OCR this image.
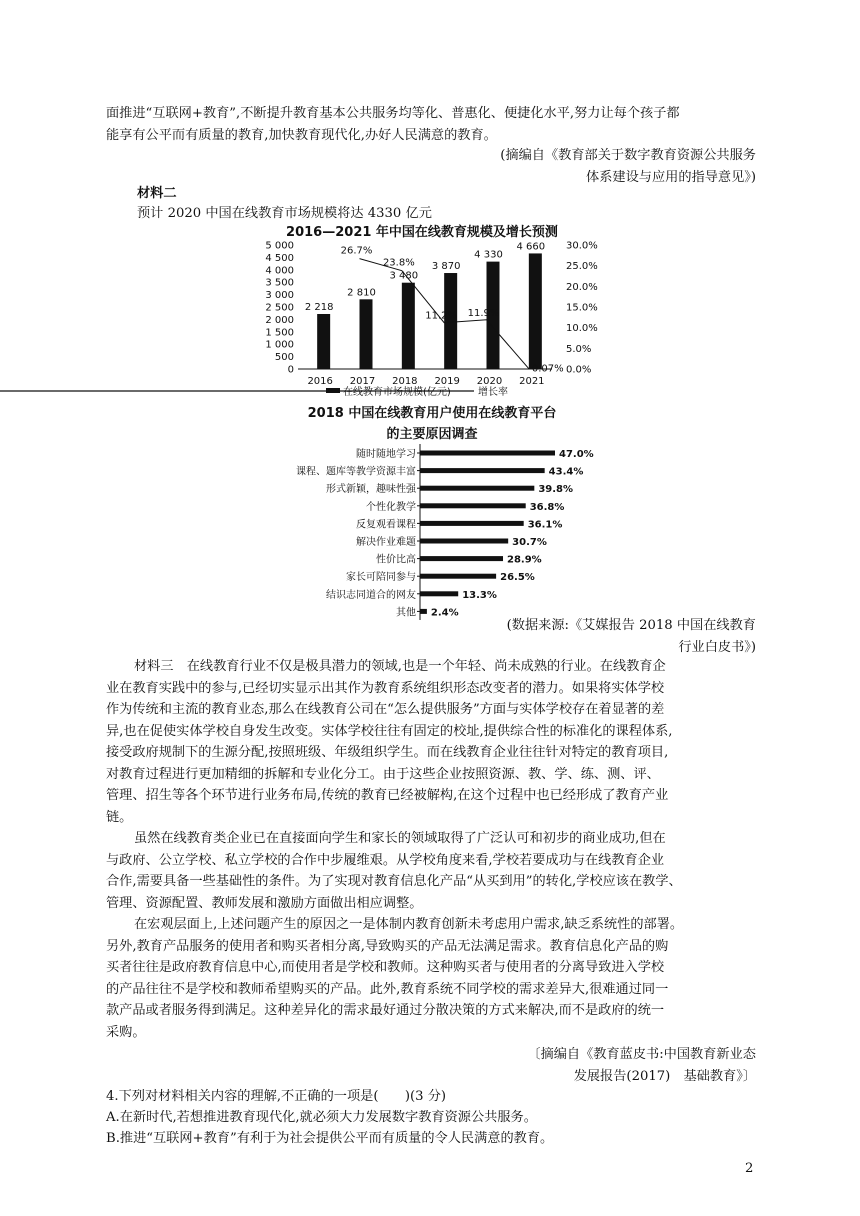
面推进“互联网+教育”,不断提升教育基本公共服务均等化、普惠化、便捷化水平,努力让每个孩子都
能享有公平而有质量的教育,加快教育现代化,办好人民满意的教育。
(摘编自《教育部关于数字教育资源公共服务
体系建设与应用的指导意见》)
材料二
预计 2020 中国在线教育市场规模将达 4330 亿元
2016—2021 年中国在线教育规模及增长预测
0
500
1 000
1 500
2 000
2 500
3 000
3 500
4 000
4 500
5 000
0.0%
5.0%
10.0%
15.0%
20.0%
25.0%
30.0%
2 218
2 810
3 480
3 870
4 330
4 660
26.7%
23.8%
11.2% 11.9%
0.07%
2016 2017 2018 2019 2020 2021
在线教育市场规模(亿元)	增长率
2018 中国在线教育用户使用在线教育平台
的主要原因调查
随时随地学习	47.0%
课程、题库等教学资源丰富	43.4%
形式新颖，趣味性强	39.8%
个性化教学	36.8%
反复观看课程	36.1%
解决作业难题	30.7%
性价比高	28.9%
家长可陪同参与	26.5%
结识志同道合的网友	13.3%
其他 2.4%
(数据来源:《艾媒报告 2018 中国在线教育
行业白皮书》)
材料三　在线教育行业不仅是极具潜力的领域,也是一个年轻、尚未成熟的行业。在线教育企
业在教育实践中的参与,已经切实显示出其作为教育系统组织形态改变者的潜力。如果将实体学校
作为传统和主流的教育业态,那么在线教育公司在“怎么提供服务”方面与实体学校存在着显著的差
异,也在促使实体学校自身发生改变。实体学校往往有固定的校址,提供综合性的标准化的课程体系,
接受政府规制下的生源分配,按照班级、年级组织学生。而在线教育企业往往针对特定的教育项目,
对教育过程进行更加精细的拆解和专业化分工。由于这些企业按照资源、教、学、练、测、评、
管理、招生等各个环节进行业务布局,传统的教育已经被解构,在这个过程中也已经形成了教育产业
链。
虽然在线教育类企业已在直接面向学生和家长的领域取得了广泛认可和初步的商业成功,但在
与政府、公立学校、私立学校的合作中步履维艰。从学校角度来看,学校若要成功与在线教育企业
合作,需要具备一些基础性的条件。为了实现对教育信息化产品“从买到用”的转化,学校应该在教学、
管理、资源配置、教师发展和激励方面做出相应调整。
在宏观层面上,上述问题产生的原因之一是体制内教育创新未考虑用户需求,缺乏系统性的部署。
另外,教育产品服务的使用者和购买者相分离,导致购买的产品无法满足需求。教育信息化产品的购
买者往往是政府教育信息中心,而使用者是学校和教师。这种购买者与使用者的分离导致进入学校
的产品往往不是学校和教师希望购买的产品。此外,教育系统不同学校的需求差异大,很难通过同一
款产品或者服务得到满足。这种差异化的需求最好通过分散决策的方式来解决,而不是政府的统一
采购。
〔摘编自《教育蓝皮书:中国教育新业态
发展报告(2017)　基础教育》〕
4.下列对材料相关内容的理解,不正确的一项是(　　)(3 分)
A.在新时代,若想推进教育现代化,就必须大力发展数字教育资源公共服务。
B.推进“互联网+教育”有利于为社会提供公平而有质量的令人民满意的教育。
2
